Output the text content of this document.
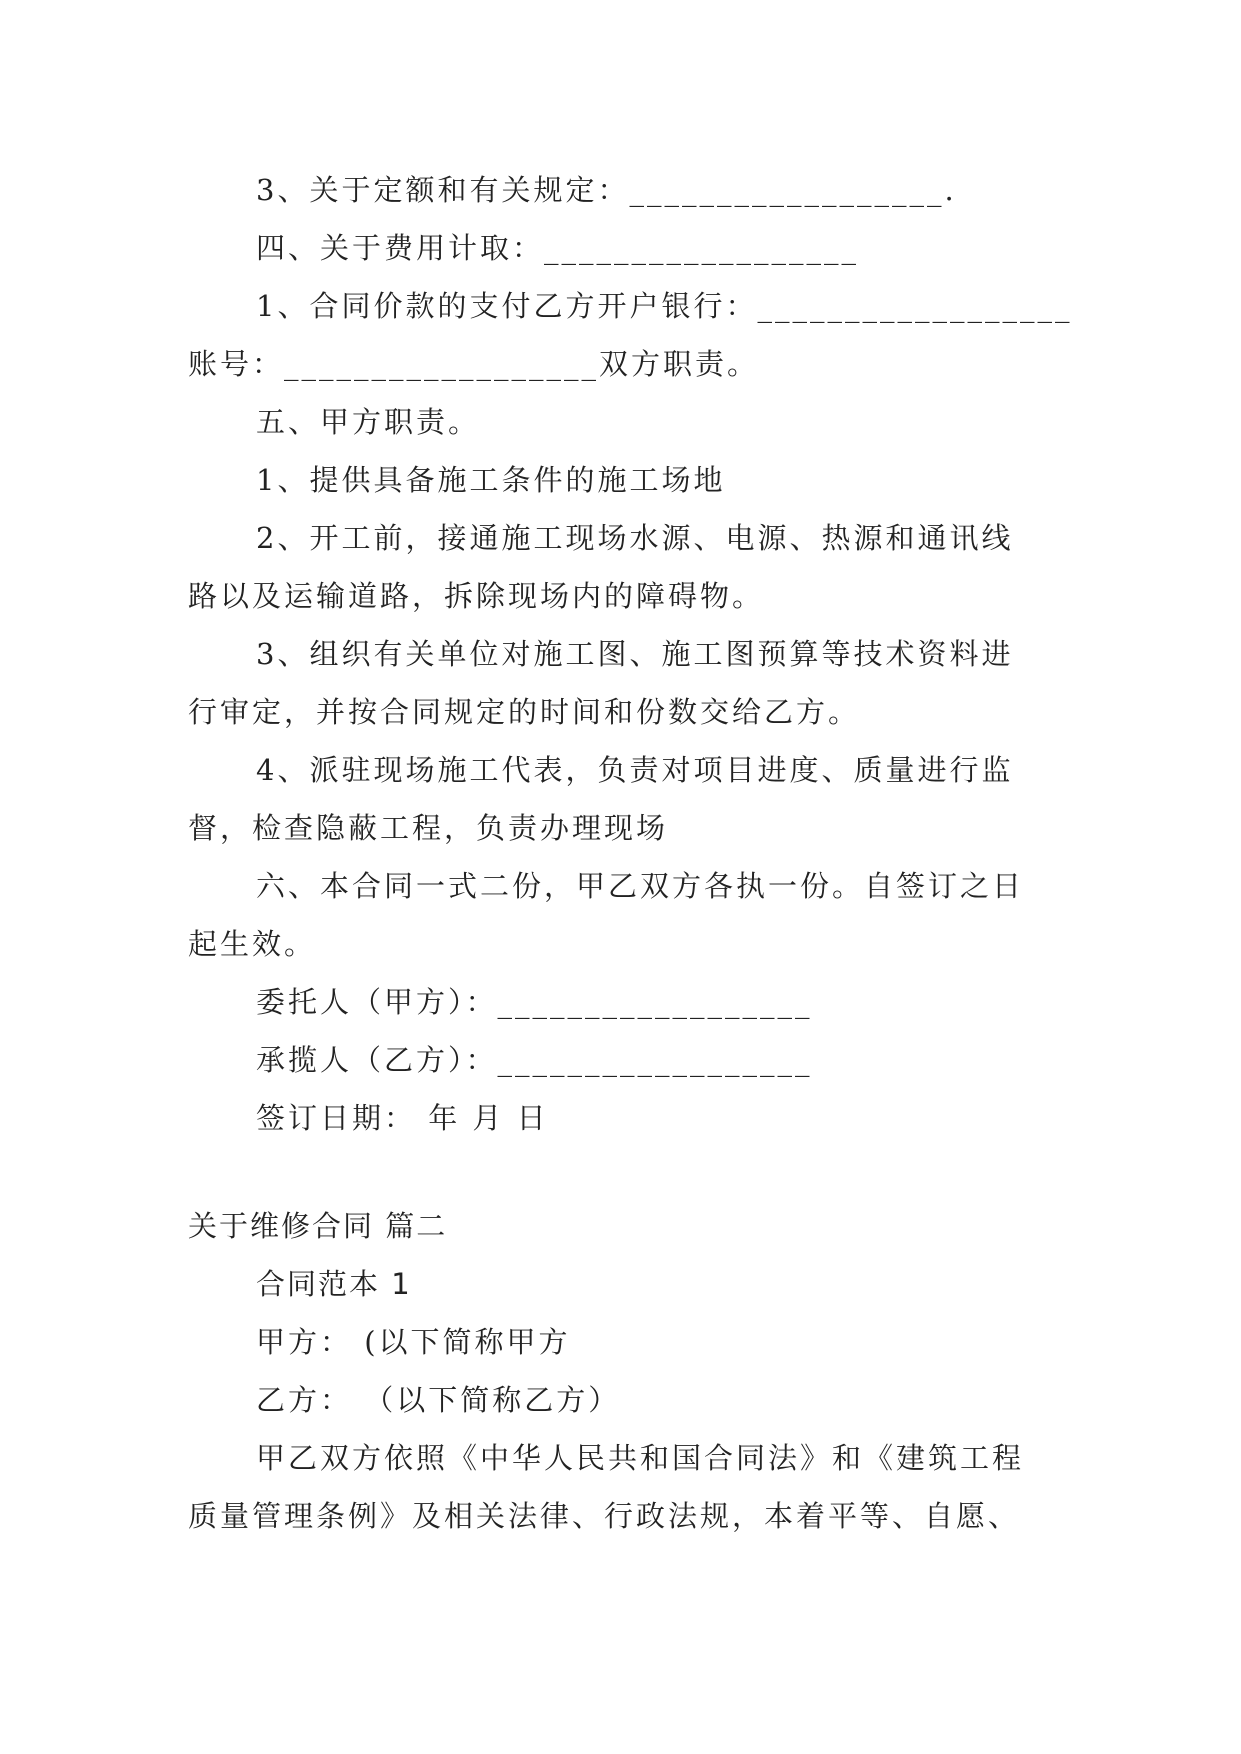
3、关于定额和有关规定：__________________.
四、关于费用计取：__________________
1、合同价款的支付乙方开户银行：__________________
账号：__________________双方职责。
五、甲方职责。
1、提供具备施工条件的施工场地
2、开工前，接通施工现场水源、电源、热源和通讯线
路以及运输道路，拆除现场内的障碍物。
3、组织有关单位对施工图、施工图预算等技术资料进
行审定，并按合同规定的时间和份数交给乙方。
4、派驻现场施工代表，负责对项目进度、质量进行监
督，检查隐蔽工程，负责办理现场
六、本合同一式二份，甲乙双方各执一份。自签订之日
起生效。
委托人（甲方）：__________________
承揽人（乙方）：__________________
签订日期： 年 月 日
关于维修合同 篇二
合同范本 1
甲方： (以下简称甲方
乙方： （以下简称乙方）
甲乙双方依照《中华人民共和国合同法》和《建筑工程
质量管理条例》及相关法律、行政法规，本着平等、自愿、
